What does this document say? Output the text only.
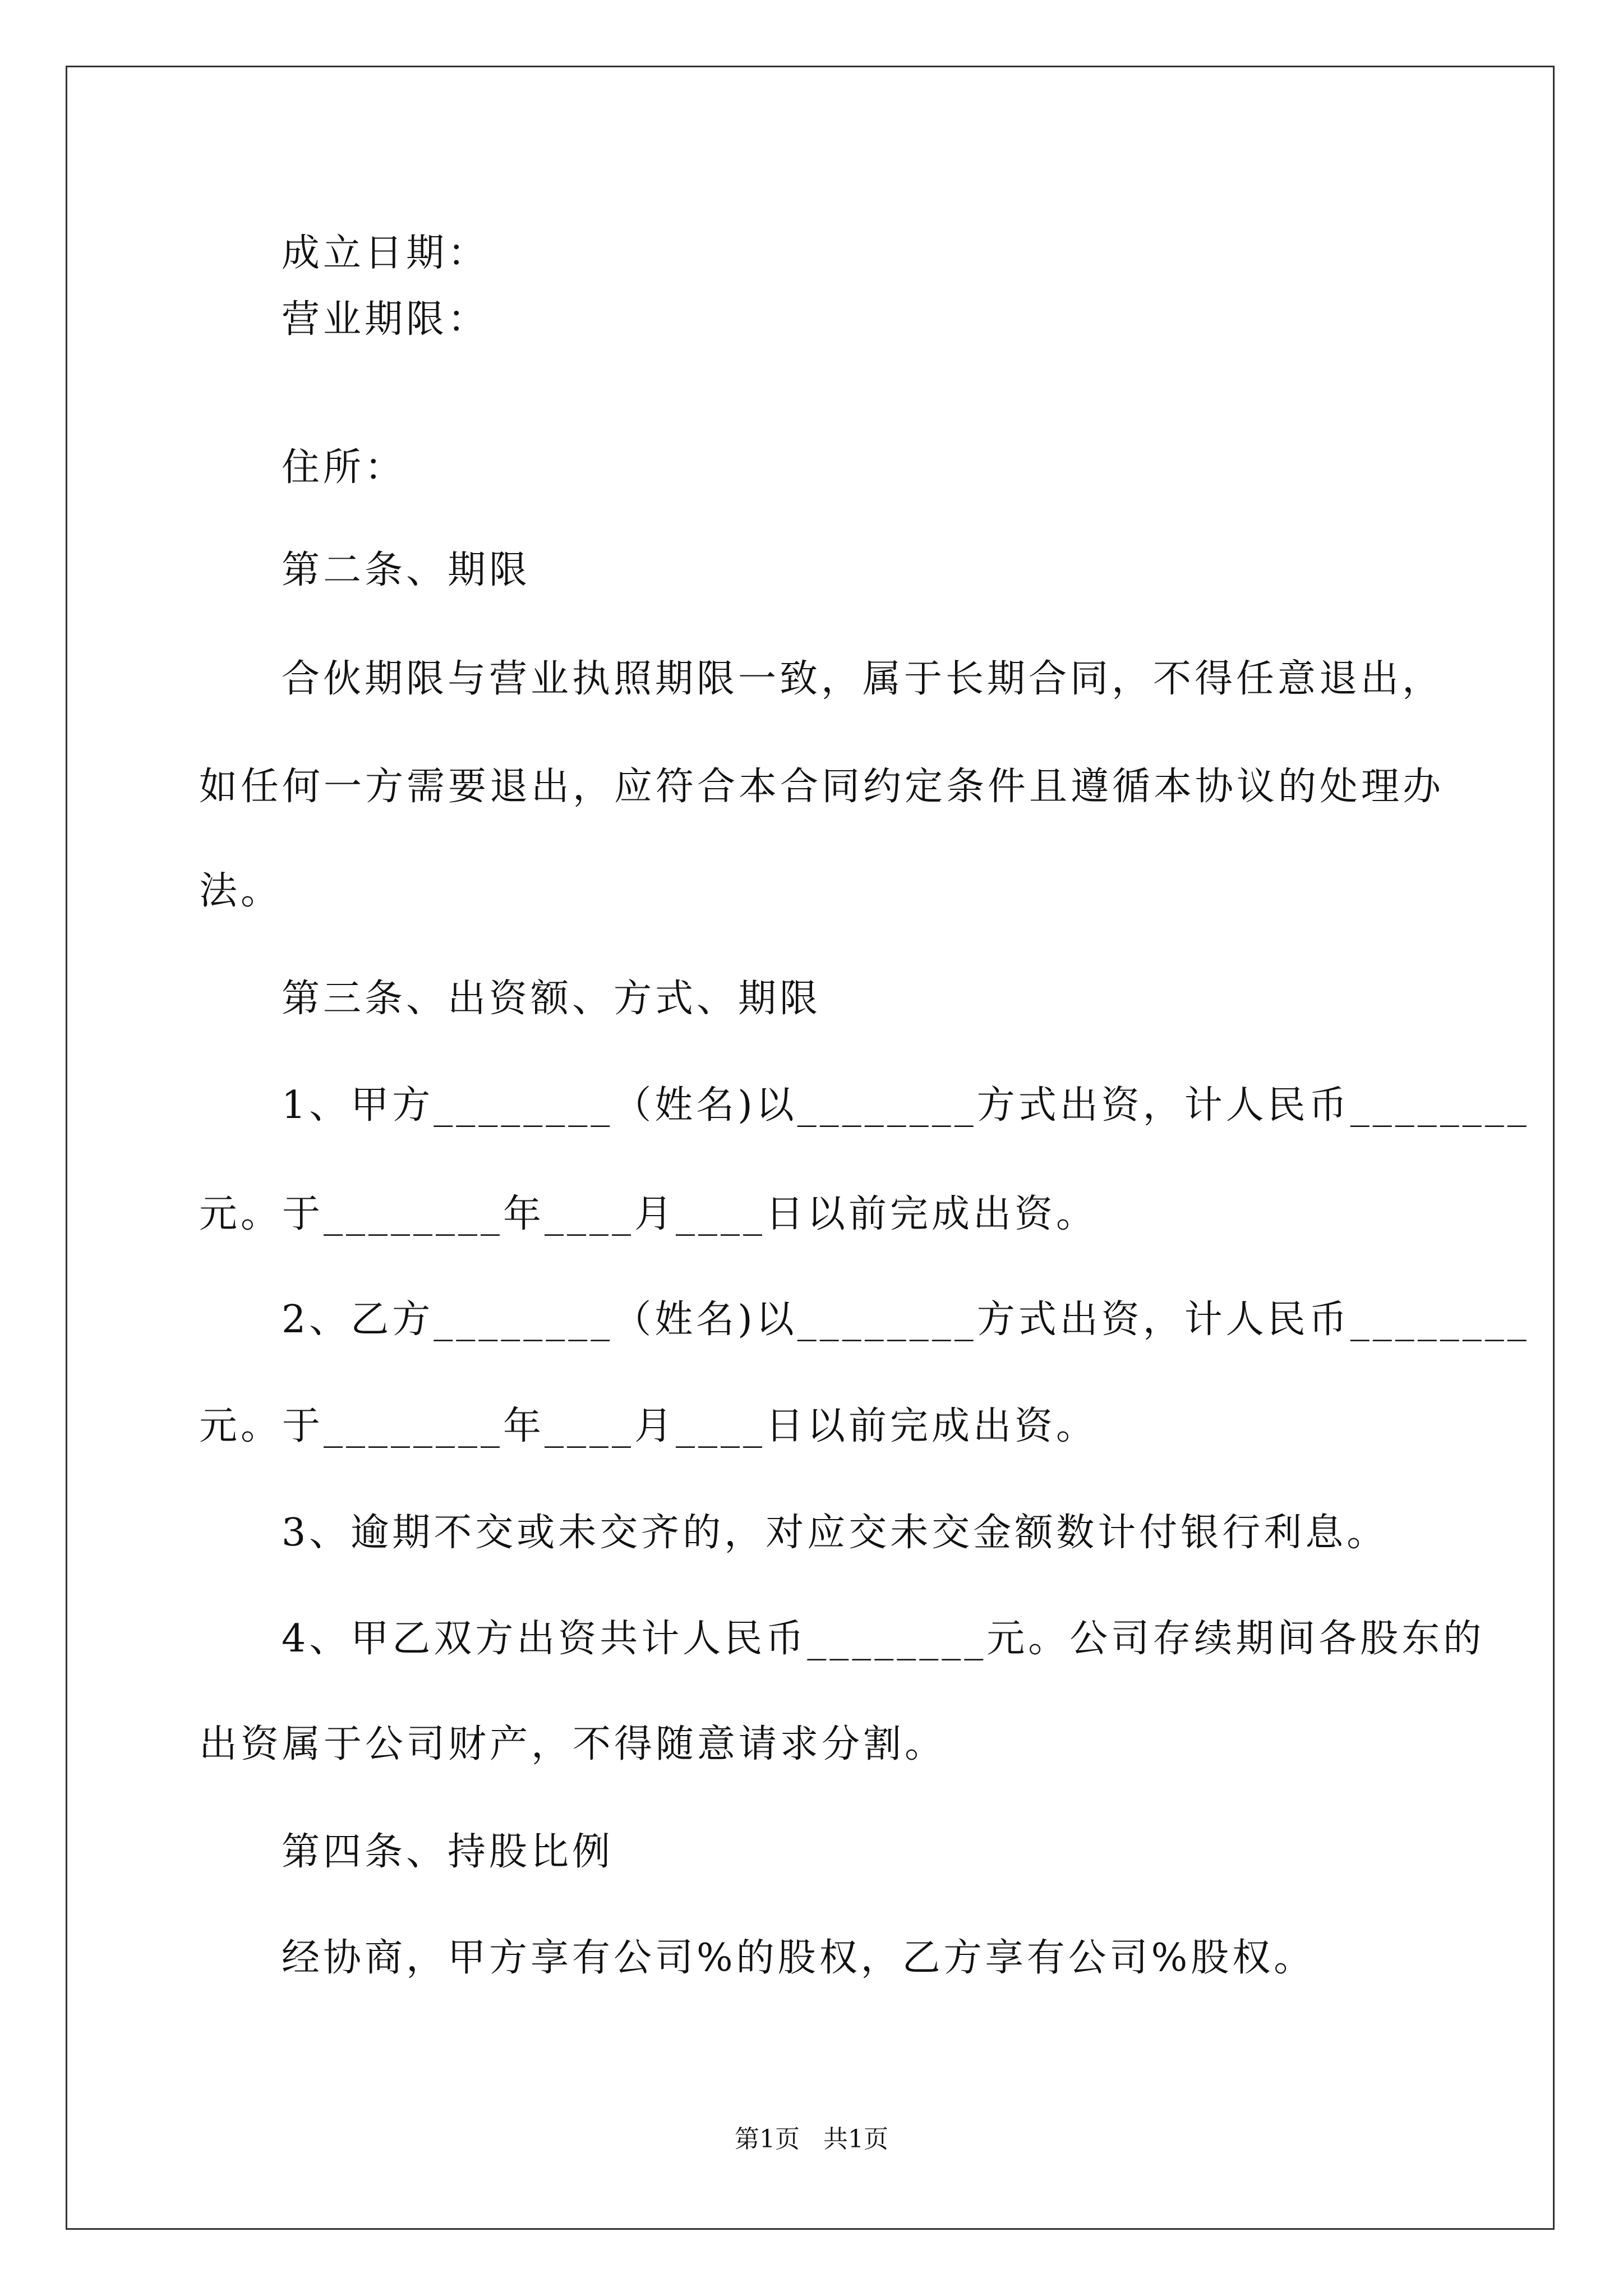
成立日期：
营业期限：
住所：
第二条、期限
合伙期限与营业执照期限一致，属于长期合同，不得任意退出，
如任何一方需要退出，应符合本合同约定条件且遵循本协议的处理办
法。
第三条、出资额、方式、期限
1、甲方________（姓名)以________方式出资，计人民币________
元。于________年____月____日以前完成出资。
2、乙方________（姓名)以________方式出资，计人民币________
元。于________年____月____日以前完成出资。
3、逾期不交或未交齐的，对应交未交金额数计付银行利息。
4、甲乙双方出资共计人民币________元。公司存续期间各股东的
出资属于公司财产，不得随意请求分割。
第四条、持股比例
经协商，甲方享有公司%的股权，乙方享有公司%股权。
第1页   共1页
